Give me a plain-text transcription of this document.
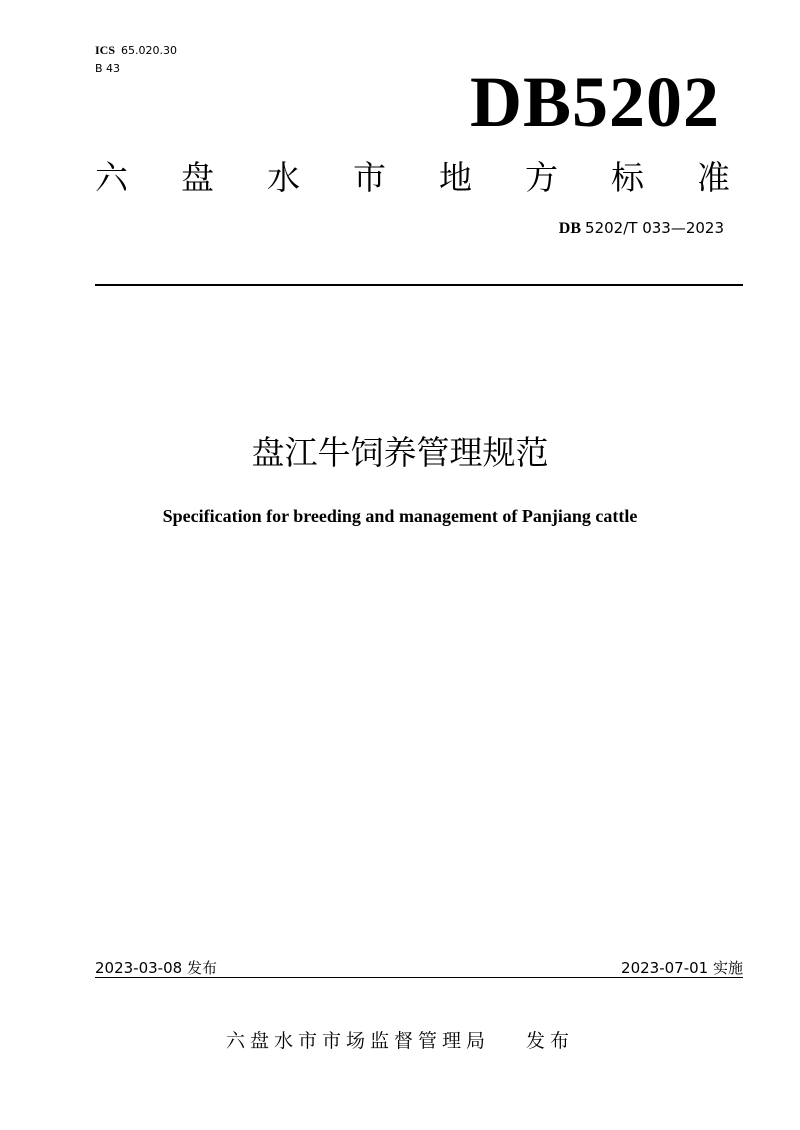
ICS 65.020.30
B 43	DB5202
六 盘 水 市 地 方 标 准
DB 5202/T 033—2023
盘江牛饲养管理规范
Specification for breeding and management of Panjiang cattle
2023-03-08 发布	2023-07-01 实施
六盘水市市场监督管理局 发布
